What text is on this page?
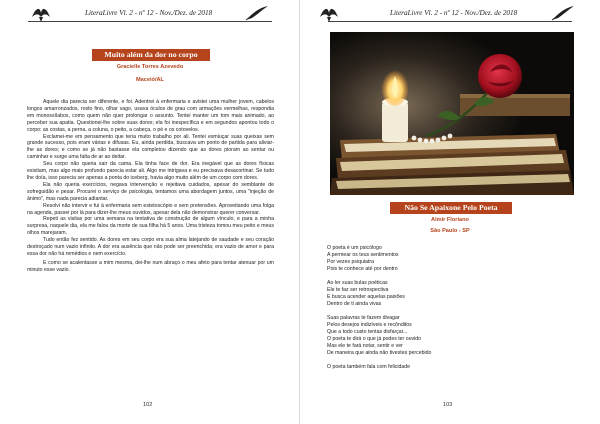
LiteraLivre Vl. 2 - nº 12 - Nov./Dez. de 2018
Muito além da dor no corpo
Gracielle Torres Azevedo
Maceió/AL

Aquele dia parecia ser diferente, e foi. Adentrei à enfermaria e avistei uma mulher jovem, cabelos longos amarronzados, rosto fino, olhar vago, usava óculos de grau com armações vermelhas, respondia em monossílabos, como quem não quer prolongar o assunto. Tentei manter um tom mais animado, ao perceber sua apatia. Questionei-lhe sobre suas dores; ela foi inespecífica e em segundos apontou todo o corpo: as costas, a perna, a coluna, o peito, a cabeça, o pé e os cotovelos.

Exclamei-me em pensamento que teria muito trabalho por ali. Tentei esmiuçar suas queixas sem grande sucesso, pois eram várias e difusas. Eu, ainda perdida, buscava um ponto de partida para aliviar-lhe as dores; e como se já não bastasse ela completou dizendo que as dores pioram ao sentar ou caminhar e surge uma falta de ar ao deitar.

Seu corpo não queria sair da cama. Ela tinha face de dor. Era inegável que as dores físicas existiam, mas algo mais profundo parecia estar ali. Algo me intrigava e eu precisava desacortinar. Se tudo lhe doía, isso parecia ser apenas a ponta do iceberg, havia algo muito além de um corpo com dores.

Ela não queria exercícios, negava intervenção e rejeitava cuidados, apesar do semblante de sofreguidão e pesar. Procurei o serviço de psicologia, tentamos uma abordagem juntos, uma "injeção de ânimo", mas nada parecia adiantar.

Resolvi não intervir e fui à enfermaria sem estetoscópio e sem pretensões. Aproveitando uma folga na agenda, passei por lá para dizer-lhe meus ouvidos, apesar dela não demonstrar querer conversar.

Repeti as visitas por uma semana na tentativa de construção de algum vínculo, e para a minha surpresa, naquele dia, ela me falou da morte de sua filha há 5 anos. Uma tristeza tomou meu peito e meus olhos marejaram.

Tudo então fez sentido. As dores em seu corpo era sua alma latejando de saudade e seu coração destroçado num vazio infinito. A dor era ausência que não pode ser preenchida; era vazio de amor e para essa dor não há remédios e nem exercício.

E como se acalentasse a mim mesma, dei-lhe num abraço o meu afeto para tentar atenuar por um minuto esse vazio.

102
LiteraLivre Vl. 2 - nº 12 - Nov./Dez. de 2018
Não Se Apaixone Pelo Poeta
Almir Floriano
São Paulo - SP
O poeta é um psicólogo
A permear os teus sentimentos
Por vezes psiquiatra
Pois te conhece até por dentro
Ao ler suas bulas poéticas
Ele te faz ser retrospectiva
E busca acender aquelas paixões
Dentro de ti ainda vivas
Suas palavras te fazem divagar
Pelos desejos indizíveis e recônditos
Que a todo custo tentas disfarçar...
O poeta te dirá o que já podes ter ouvido
Mas ele te fará notar, sentir e ver
De maneira que ainda não tivestes percebido
O poeta também fala com felicidade
103
